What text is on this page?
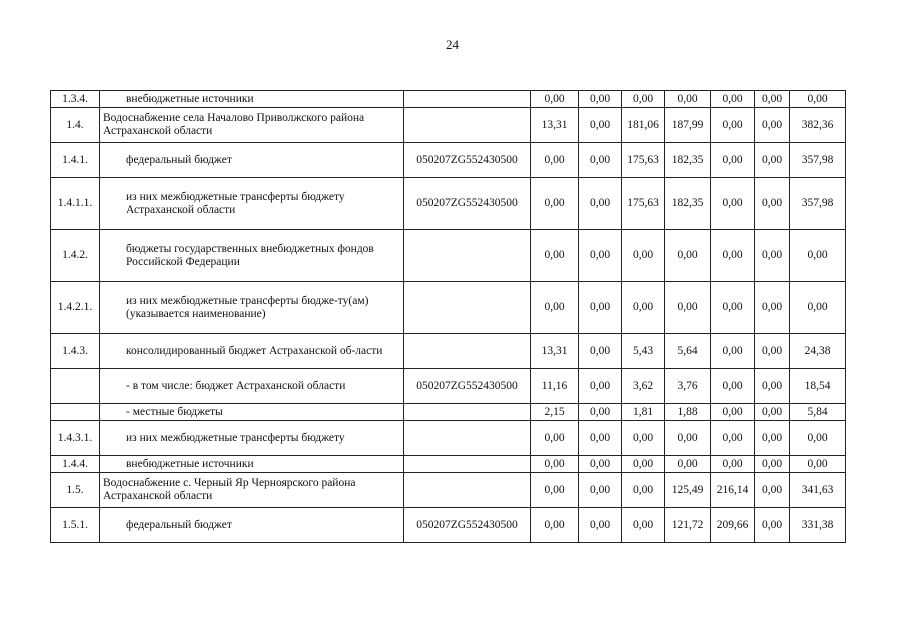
24
1.3.4.	внебюджетные источники		0,00	0,00	0,00	0,00	0,00	0,00	0,00
1.4.	Водоснабжение села Началово Приволжского района Астраханской области		13,31	0,00	181,06	187,99	0,00	0,00	382,36
1.4.1.	федеральный бюджет	050207ZG552430500	0,00	0,00	175,63	182,35	0,00	0,00	357,98
1.4.1.1.	из них межбюджетные трансферты бюджету Астраханской области	050207ZG552430500	0,00	0,00	175,63	182,35	0,00	0,00	357,98
1.4.2.	бюджеты государственных внебюджетных фондов Российской Федерации		0,00	0,00	0,00	0,00	0,00	0,00	0,00
1.4.2.1.	из них межбюджетные трансферты бюдже-ту(ам) (указывается наименование)		0,00	0,00	0,00	0,00	0,00	0,00	0,00
1.4.3.	консолидированный бюджет Астраханской об-ласти		13,31	0,00	5,43	5,64	0,00	0,00	24,38
	- в том числе: бюджет Астраханской области	050207ZG552430500	11,16	0,00	3,62	3,76	0,00	0,00	18,54
	- местные бюджеты		2,15	0,00	1,81	1,88	0,00	0,00	5,84
1.4.3.1.	из них межбюджетные трансферты бюджету		0,00	0,00	0,00	0,00	0,00	0,00	0,00
1.4.4.	внебюджетные источники		0,00	0,00	0,00	0,00	0,00	0,00	0,00
1.5.	Водоснабжение с. Черный Яр Черноярского района Астраханской области		0,00	0,00	0,00	125,49	216,14	0,00	341,63
1.5.1.	федеральный бюджет	050207ZG552430500	0,00	0,00	0,00	121,72	209,66	0,00	331,38
